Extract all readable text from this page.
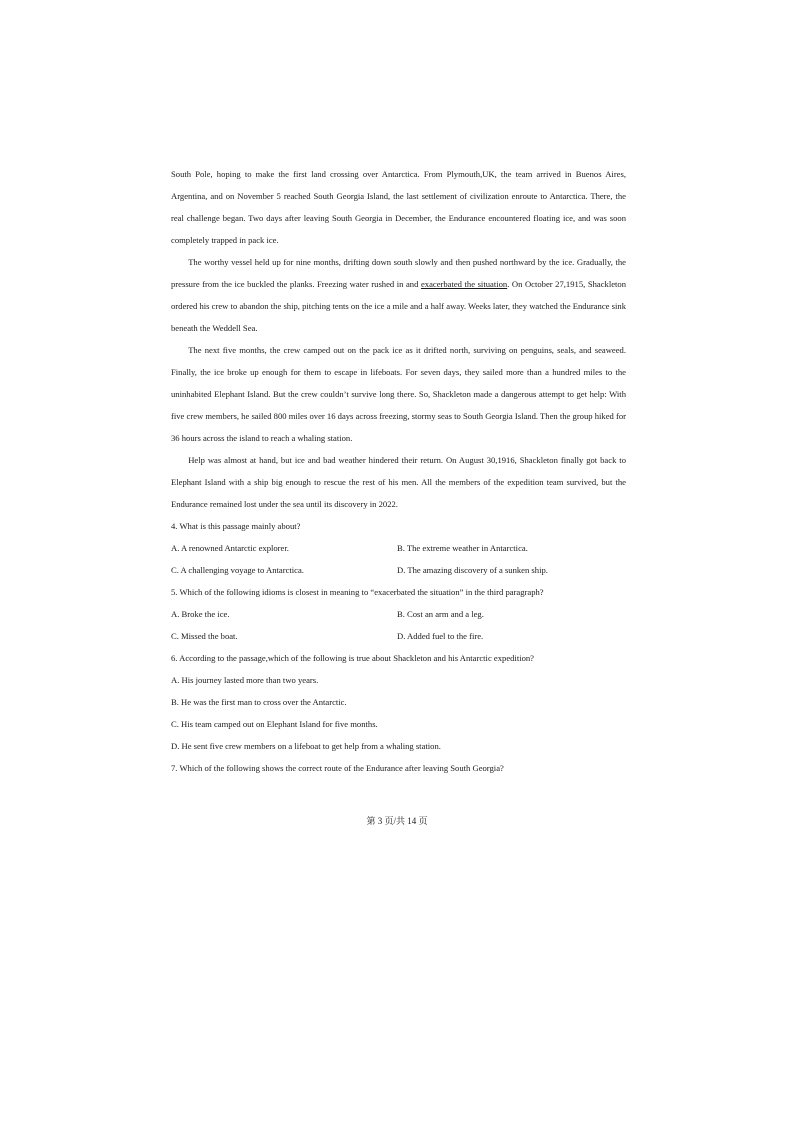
South Pole, hoping to make the first land crossing over Antarctica. From Plymouth,UK, the team arrived in Buenos Aires, Argentina, and on November 5 reached South Georgia Island, the last settlement of civilization enroute to Antarctica. There, the real challenge began. Two days after leaving South Georgia in December, the Endurance encountered floating ice, and was soon completely trapped in pack ice.

The worthy vessel held up for nine months, drifting down south slowly and then pushed northward by the ice. Gradually, the pressure from the ice buckled the planks. Freezing water rushed in and exacerbated the situation. On October 27,1915, Shackleton ordered his crew to abandon the ship, pitching tents on the ice a mile and a half away. Weeks later, they watched the Endurance sink beneath the Weddell Sea.

The next five months, the crew camped out on the pack ice as it drifted north, surviving on penguins, seals, and seaweed. Finally, the ice broke up enough for them to escape in lifeboats. For seven days, they sailed more than a hundred miles to the uninhabited Elephant Island. But the crew couldn’t survive long there. So, Shackleton made a dangerous attempt to get help: With five crew members, he sailed 800 miles over 16 days across freezing, stormy seas to South Georgia Island. Then the group hiked for 36 hours across the island to reach a whaling station.

Help was almost at hand, but ice and bad weather hindered their return. On August 30,1916, Shackleton finally got back to Elephant Island with a ship big enough to rescue the rest of his men. All the members of the expedition team survived, but the Endurance remained lost under the sea until its discovery in 2022.

4. What is this passage mainly about?

A. A renowned Antarctic explorer.	B. The extreme weather in Antarctica.
C. A challenging voyage to Antarctica.	D. The amazing discovery of a sunken ship.

5. Which of the following idioms is closest in meaning to “exacerbated the situation” in the third paragraph?

A. Broke the ice.	B. Cost an arm and a leg.
C. Missed the boat.	D. Added fuel to the fire.

6. According to the passage,which of the following is true about Shackleton and his Antarctic expedition?

A. His journey lasted more than two years.

B. He was the first man to cross over the Antarctic.

C. His team camped out on Elephant Island for five months.

D. He sent five crew members on a lifeboat to get help from a whaling station.

7. Which of the following shows the correct route of the Endurance after leaving South Georgia?

第 3 页/共 14 页
